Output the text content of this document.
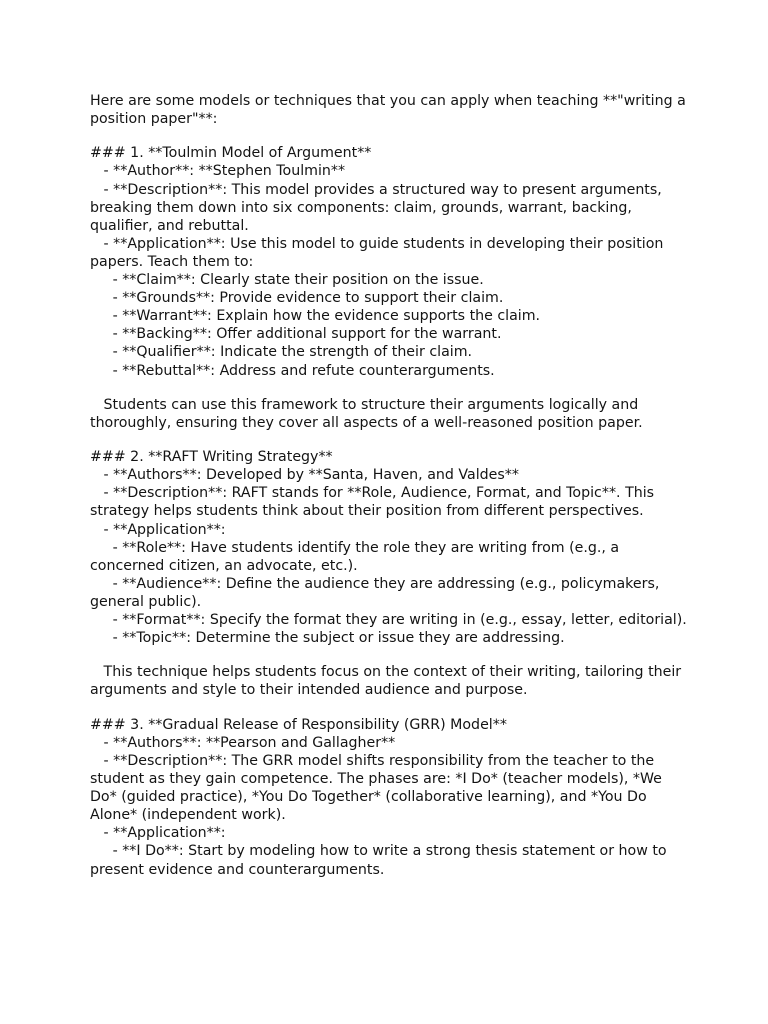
Here are some models or techniques that you can apply when teaching **"writing a position paper"**:

### 1. **Toulmin Model of Argument**

- **Author**: **Stephen Toulmin**

- **Description**: This model provides a structured way to present arguments, breaking them down into six components: claim, grounds, warrant, backing, qualifier, and rebuttal.

- **Application**: Use this model to guide students in developing their position papers. Teach them to:

- **Claim**: Clearly state their position on the issue.

- **Grounds**: Provide evidence to support their claim.

- **Warrant**: Explain how the evidence supports the claim.

- **Backing**: Offer additional support for the warrant.

- **Qualifier**: Indicate the strength of their claim.

- **Rebuttal**: Address and refute counterarguments.

Students can use this framework to structure their arguments logically and thoroughly, ensuring they cover all aspects of a well-reasoned position paper.

### 2. **RAFT Writing Strategy**

- **Authors**: Developed by **Santa, Haven, and Valdes**

- **Description**: RAFT stands for **Role, Audience, Format, and Topic**. This strategy helps students think about their position from different perspectives.

- **Application**:

- **Role**: Have students identify the role they are writing from (e.g., a concerned citizen, an advocate, etc.).

- **Audience**: Define the audience they are addressing (e.g., policymakers, general public).

- **Format**: Specify the format they are writing in (e.g., essay, letter, editorial).

- **Topic**: Determine the subject or issue they are addressing.

This technique helps students focus on the context of their writing, tailoring their arguments and style to their intended audience and purpose.

### 3. **Gradual Release of Responsibility (GRR) Model**

- **Authors**: **Pearson and Gallagher**

- **Description**: The GRR model shifts responsibility from the teacher to the student as they gain competence. The phases are: *I Do* (teacher models), *We Do* (guided practice), *You Do Together* (collaborative learning), and *You Do Alone* (independent work).

- **Application**:

- **I Do**: Start by modeling how to write a strong thesis statement or how to present evidence and counterarguments.
